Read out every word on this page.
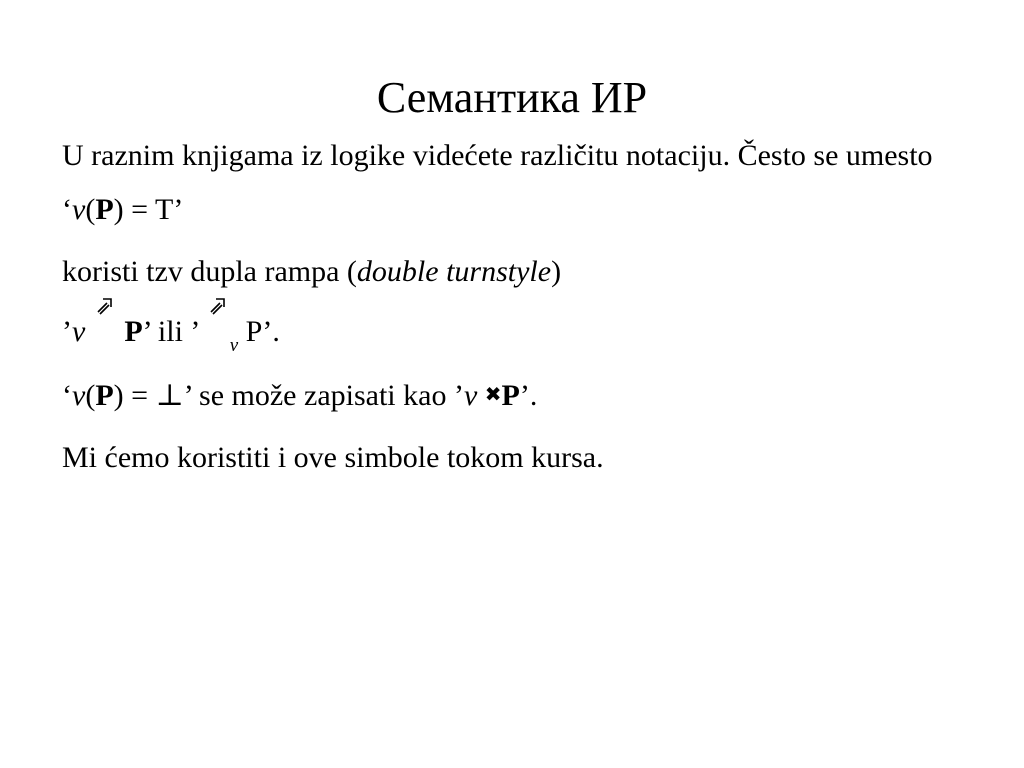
Семантика ИР

U raznim knjigama iz logike videćete različitu notaciju. Često se umesto

‘v(P) = T’

koristi tzv dupla rampa (double turnstyle)

’v P’ ili ’ $_v$ P’.

‘v(P) = ⊥’ se može zapisati kao ’v ✖P’.

Mi ćemo koristiti i ove simbole tokom kursa.
